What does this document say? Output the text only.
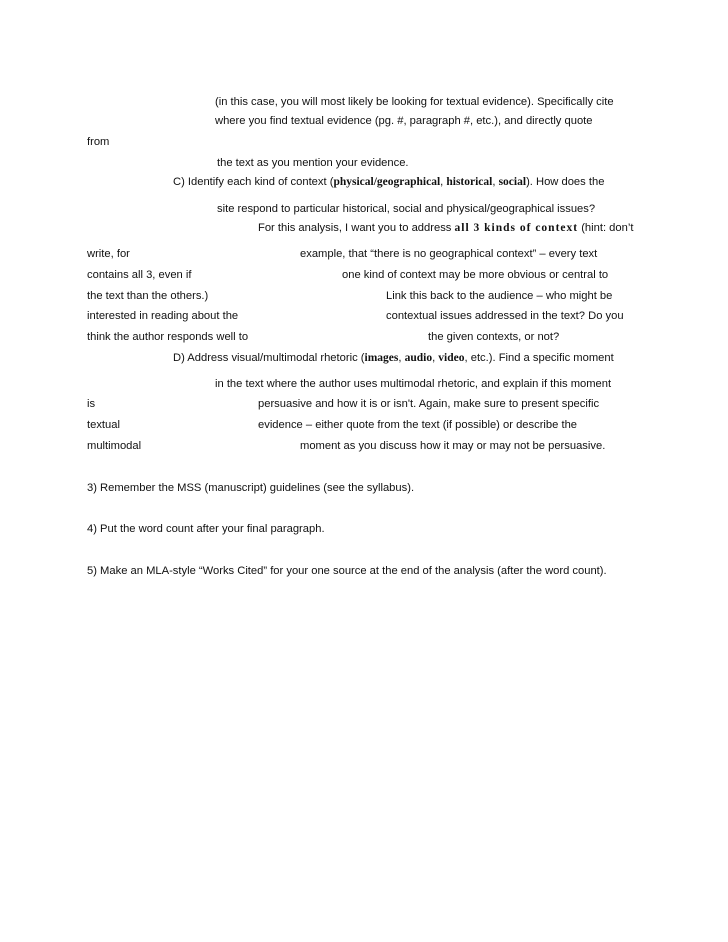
(in this case, you will most likely be looking for textual evidence). Specifically cite
where you find textual evidence (pg. #, paragraph #, etc.), and directly quote
from
the text as you mention your evidence.
C) Identify each kind of context (physical/geographical, historical, social). How does the
site respond to particular historical, social and physical/geographical issues?
For this analysis, I want you to address all 3 kinds of context (hint: don’t
write, for	example, that “there is no geographical context” – every text
contains all 3, even if	one kind of context may be more obvious or central to
the text than the others.)	Link this back to the audience – who might be
interested in reading about the	contextual issues addressed in the text? Do you
think the author responds well to	the given contexts, or not?
D) Address visual/multimodal rhetoric (images, audio, video, etc.). Find a specific moment
in the text where the author uses multimodal rhetoric, and explain if this moment
is	persuasive and how it is or isn't. Again, make sure to present specific
textual	evidence – either quote from the text (if possible) or describe the
multimodal	moment as you discuss how it may or may not be persuasive.
3) Remember the MSS (manuscript) guidelines (see the syllabus).
4) Put the word count after your final paragraph.
5) Make an MLA-style “Works Cited” for your one source at the end of the analysis (after the word count).
